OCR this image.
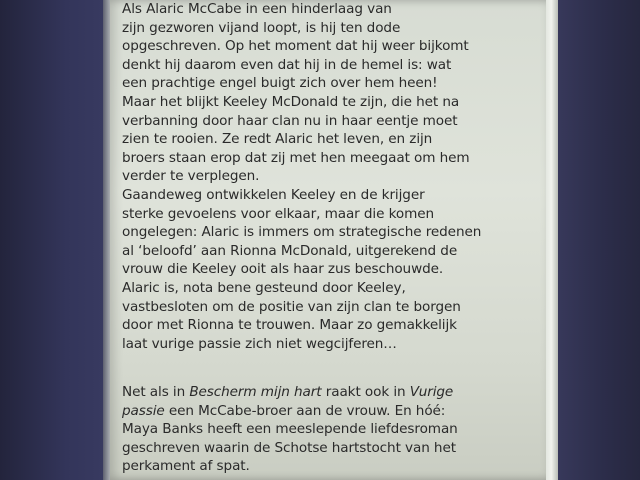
Als Alaric McCabe in een hinderlaag van
zijn gezworen vijand loopt, is hij ten dode
opgeschreven. Op het moment dat hij weer bijkomt
denkt hij daarom even dat hij in de hemel is: wat
een prachtige engel buigt zich over hem heen!
Maar het blijkt Keeley McDonald te zijn, die het na
verbanning door haar clan nu in haar eentje moet
zien te rooien. Ze redt Alaric het leven, en zijn
broers staan erop dat zij met hen meegaat om hem
verder te verplegen.
Gaandeweg ontwikkelen Keeley en de krijger
sterke gevoelens voor elkaar, maar die komen
ongelegen: Alaric is immers om strategische redenen
al ‘beloofd’ aan Rionna McDonald, uitgerekend de
vrouw die Keeley ooit als haar zus beschouwde.
Alaric is, nota bene gesteund door Keeley,
vastbesloten om de positie van zijn clan te borgen
door met Rionna te trouwen. Maar zo gemakkelijk
laat vurige passie zich niet wegcijferen…
Net als in Bescherm mijn hart raakt ook in Vurige
passie een McCabe-broer aan de vrouw. En hóé:
Maya Banks heeft een meeslepende liefdesroman
geschreven waarin de Schotse hartstocht van het
perkament af spat.
